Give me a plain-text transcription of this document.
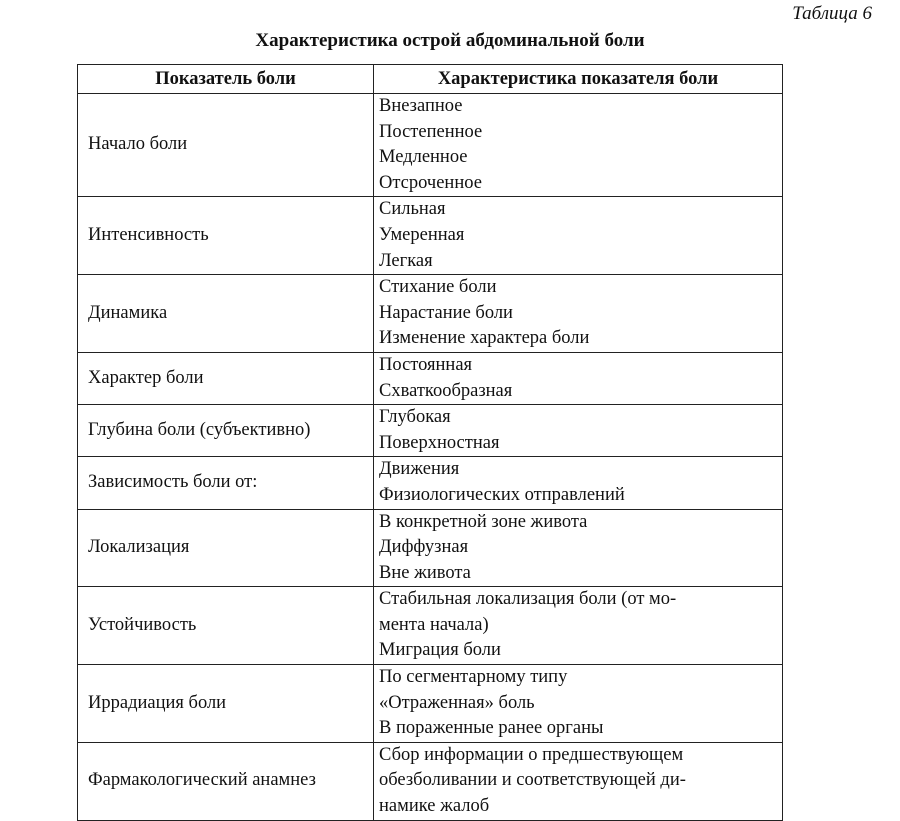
Таблица 6
Характеристика острой абдоминальной боли
Показатель боли	Характеристика показателя боли
Начало боли	Внезапное
Постепенное
Медленное
Отсроченное

Интенсивность	Сильная
Умеренная
Легкая

Динамика	Стихание боли
Нарастание боли
Изменение характера боли

Характер боли	Постоянная
Схваткообразная

Глубина боли (субъективно)	Глубокая
Поверхностная

Зависимость боли от:	Движения
Физиологических отправлений

Локализация	В конкретной зоне живота
Диффузная
Вне живота

Устойчивость	Стабильная локализация боли (от мо-
мента начала)
Миграция боли

Иррадиация боли	По сегментарному типу
«Отраженная» боль
В пораженные ранее органы

Фармакологический анамнез	Сбор информации о предшествующем
обезболивании и соответствующей ди-
намике жалоб
